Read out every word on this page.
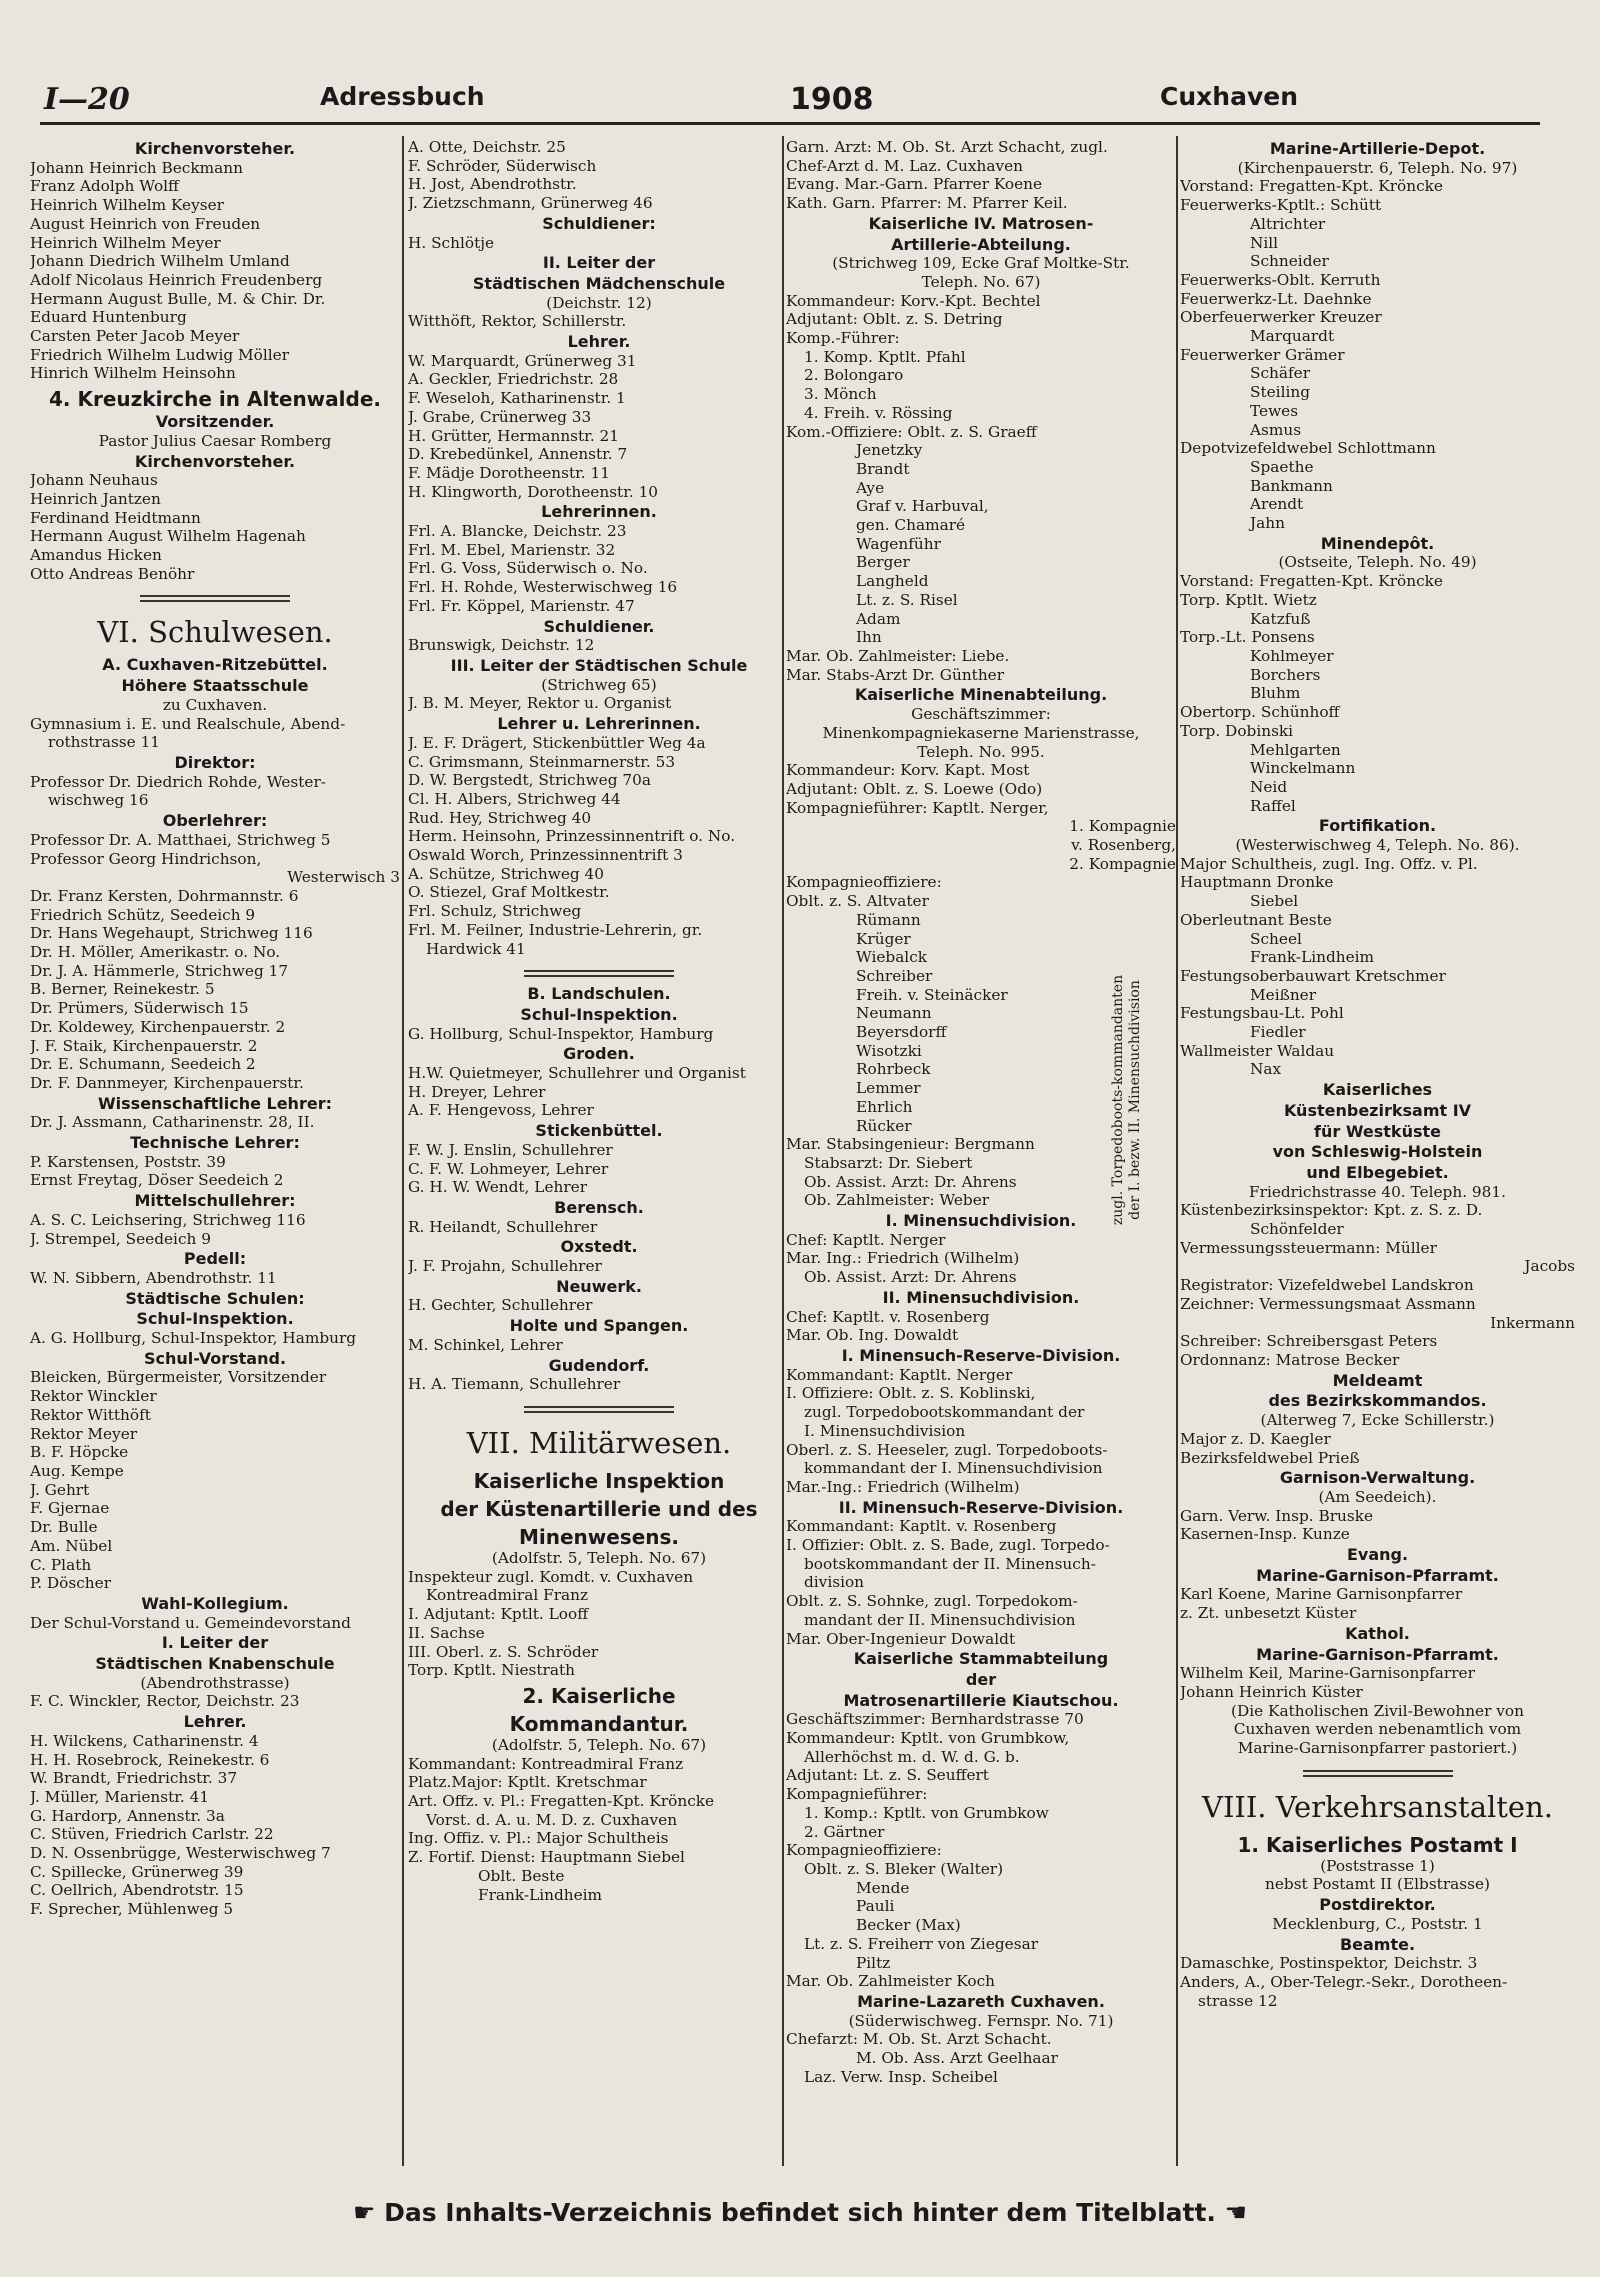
I—20	Adressbuch	1908	Cuxhaven
Kirchenvorsteher.
Johann Heinrich Beckmann
Franz Adolph Wolff
Heinrich Wilhelm Keyser
August Heinrich von Freuden
Heinrich Wilhelm Meyer
Johann Diedrich Wilhelm Umland
Adolf Nicolaus Heinrich Freudenberg
Hermann August Bulle, M. & Chir. Dr.
Eduard Huntenburg
Carsten Peter Jacob Meyer
Friedrich Wilhelm Ludwig Möller
Hinrich Wilhelm Heinsohn
4. Kreuzkirche in Altenwalde.
Vorsitzender.
Pastor Julius Caesar Romberg
Kirchenvorsteher.
Johann Neuhaus
Heinrich Jantzen
Ferdinand Heidtmann
Hermann August Wilhelm Hagenah
Amandus Hicken
Otto Andreas Benöhr
VI. Schulwesen.
A. Cuxhaven-Ritzebüttel.
Höhere Staatsschule
zu Cuxhaven.
Gymnasium i. E. und Realschule, Abend-
rothstrasse 11
Direktor:
Professor Dr. Diedrich Rohde, Wester-
wischweg 16
Oberlehrer:
Professor Dr. A. Matthaei, Strichweg 5
Professor Georg Hindrichson,
Westerwisch 3
Dr. Franz Kersten, Dohrmannstr. 6
Friedrich Schütz, Seedeich 9
Dr. Hans Wegehaupt, Strichweg 116
Dr. H. Möller, Amerikastr. o. No.
Dr. J. A. Hämmerle, Strichweg 17
B. Berner, Reinekestr. 5
Dr. Prümers, Süderwisch 15
Dr. Koldewey, Kirchenpauerstr. 2
J. F. Staik, Kirchenpauerstr. 2
Dr. E. Schumann, Seedeich 2
Dr. F. Dannmeyer, Kirchenpauerstr.
Wissenschaftliche Lehrer:
Dr. J. Assmann, Catharinenstr. 28, II.
Technische Lehrer:
P. Karstensen, Poststr. 39
Ernst Freytag, Döser Seedeich 2
Mittelschullehrer:
A. S. C. Leichsering, Strichweg 116
J. Strempel, Seedeich 9
Pedell:
W. N. Sibbern, Abendrothstr. 11
Städtische Schulen:
Schul-Inspektion.
A. G. Hollburg, Schul-Inspektor, Hamburg
Schul-Vorstand.
Bleicken, Bürgermeister, Vorsitzender
Rektor Winckler
Rektor Witthöft
Rektor Meyer
B. F. Höpcke
Aug. Kempe
J. Gehrt
F. Gjernae
Dr. Bulle
Am. Nübel
C. Plath
P. Döscher
Wahl-Kollegium.
Der Schul-Vorstand u. Gemeindevorstand
I. Leiter der
Städtischen Knabenschule
(Abendrothstrasse)
F. C. Winckler, Rector, Deichstr. 23
Lehrer.
H. Wilckens, Catharinenstr. 4
H. H. Rosebrock, Reinekestr. 6
W. Brandt, Friedrichstr. 37
J. Müller, Marienstr. 41
G. Hardorp, Annenstr. 3a
C. Stüven, Friedrich Carlstr. 22
D. N. Ossenbrügge, Westerwischweg 7
C. Spillecke, Grünerweg 39
C. Oellrich, Abendrotstr. 15
F. Sprecher, Mühlenweg 5
A. Otte, Deichstr. 25
F. Schröder, Süderwisch
H. Jost, Abendrothstr.
J. Zietzschmann, Grünerweg 46
Schuldiener:
H. Schlötje
II. Leiter der
Städtischen Mädchenschule
(Deichstr. 12)
Witthöft, Rektor, Schillerstr.
Lehrer.
W. Marquardt, Grünerweg 31
A. Geckler, Friedrichstr. 28
F. Weseloh, Katharinenstr. 1
J. Grabe, Crünerweg 33
H. Grütter, Hermannstr. 21
D. Krebedünkel, Annenstr. 7
F. Mädje Dorotheenstr. 11
H. Klingworth, Dorotheenstr. 10
Lehrerinnen.
Frl. A. Blancke, Deichstr. 23
Frl. M. Ebel, Marienstr. 32
Frl. G. Voss, Süderwisch o. No.
Frl. H. Rohde, Westerwischweg 16
Frl. Fr. Köppel, Marienstr. 47
Schuldiener.
Brunswigk, Deichstr. 12
III. Leiter der Städtischen Schule
(Strichweg 65)
J. B. M. Meyer, Rektor u. Organist
Lehrer u. Lehrerinnen.
J. E. F. Drägert, Stickenbüttler Weg 4a
C. Grimsmann, Steinmarnerstr. 53
D. W. Bergstedt, Strichweg 70a
Cl. H. Albers, Strichweg 44
Rud. Hey, Strichweg 40
Herm. Heinsohn, Prinzessinnentrift o. No.
Oswald Worch, Prinzessinnentrift 3
A. Schütze, Strichweg 40
O. Stiezel, Graf Moltkestr.
Frl. Schulz, Strichweg
Frl. M. Feilner, Industrie-Lehrerin, gr.
Hardwick 41
B. Landschulen.
Schul-Inspektion.
G. Hollburg, Schul-Inspektor, Hamburg
Groden.
H.W. Quietmeyer, Schullehrer und Organist
H. Dreyer, Lehrer
A. F. Hengevoss, Lehrer
Stickenbüttel.
F. W. J. Enslin, Schullehrer
C. F. W. Lohmeyer, Lehrer
G. H. W. Wendt, Lehrer
Berensch.
R. Heilandt, Schullehrer
Oxstedt.
J. F. Projahn, Schullehrer
Neuwerk.
H. Gechter, Schullehrer
Holte und Spangen.
M. Schinkel, Lehrer
Gudendorf.
H. A. Tiemann, Schullehrer
VII. Militärwesen.
Kaiserliche Inspektion
der Küstenartillerie und des
Minenwesens.
(Adolfstr. 5, Teleph. No. 67)
Inspekteur zugl. Komdt. v. Cuxhaven
Kontreadmiral Franz
I. Adjutant: Kptlt. Looff
II. Sachse
III. Oberl. z. S. Schröder
Torp. Kptlt. Niestrath
2. Kaiserliche
Kommandantur.
(Adolfstr. 5, Teleph. No. 67)
Kommandant: Kontreadmiral Franz
Platz.Major: Kptlt. Kretschmar
Art. Offz. v. Pl.: Fregatten-Kpt. Kröncke
Vorst. d. A. u. M. D. z. Cuxhaven
Ing. Offiz. v. Pl.: Major Schultheis
Z. Fortif. Dienst: Hauptmann Siebel
Oblt. Beste
Frank-Lindheim
Garn. Arzt: M. Ob. St. Arzt Schacht, zugl.
Chef-Arzt d. M. Laz. Cuxhaven
Evang. Mar.-Garn. Pfarrer Koene
Kath. Garn. Pfarrer: M. Pfarrer Keil.
Kaiserliche IV. Matrosen-
Artillerie-Abteilung.
(Strichweg 109, Ecke Graf Moltke-Str.
Teleph. No. 67)
Kommandeur: Korv.-Kpt. Bechtel
Adjutant: Oblt. z. S. Detring
Komp.-Führer:
1. Komp. Kptlt. Pfahl
2. Bolongaro
3. Mönch
4. Freih. v. Rössing
Kom.-Offiziere: Oblt. z. S. Graeff
Jenetzky
Brandt
Aye
Graf v. Harbuval,
gen. Chamaré
Wagenführ
Berger
Langheld
Lt. z. S. Risel
Adam
Ihn
Mar. Ob. Zahlmeister: Liebe.
Mar. Stabs-Arzt Dr. Günther
Kaiserliche Minenabteilung.
Geschäftszimmer:
Minenkompagniekaserne Marienstrasse,
Teleph. No. 995.
Kommandeur: Korv. Kapt. Most
Adjutant: Oblt. z. S. Loewe (Odo)
Kompagnieführer: Kaptlt. Nerger,
1. Kompagnie
v. Rosenberg,
2. Kompagnie
Kompagnieoffiziere:
Oblt. z. S. Altvater
Rümann
Krüger
Wiebalck
Schreiber
Freih. v. Steinäcker
Neumann
Beyersdorff
Wisotzki
Rohrbeck
Lemmer
Ehrlich
Rücker
Mar. Stabsingenieur: Bergmann
Stabsarzt: Dr. Siebert
Ob. Assist. Arzt: Dr. Ahrens
Ob. Zahlmeister: Weber
I. Minensuchdivision.
Chef: Kaptlt. Nerger
Mar. Ing.: Friedrich (Wilhelm)
Ob. Assist. Arzt: Dr. Ahrens
II. Minensuchdivision.
Chef: Kaptlt. v. Rosenberg
Mar. Ob. Ing. Dowaldt
I. Minensuch-Reserve-Division.
Kommandant: Kaptlt. Nerger
I. Offiziere: Oblt. z. S. Koblinski,
zugl. Torpedobootskommandant der
I. Minensuchdivision
Oberl. z. S. Heeseler, zugl. Torpedoboots-
kommandant der I. Minensuchdivision
Mar.-Ing.: Friedrich (Wilhelm)
II. Minensuch-Reserve-Division.
Kommandant: Kaptlt. v. Rosenberg
I. Offizier: Oblt. z. S. Bade, zugl. Torpedo-
bootskommandant der II. Minensuch-
division
Oblt. z. S. Sohnke, zugl. Torpedokom-
mandant der II. Minensuchdivision
Mar. Ober-Ingenieur Dowaldt
Kaiserliche Stammabteilung
der
Matrosenartillerie Kiautschou.
Geschäftszimmer: Bernhardstrasse 70
Kommandeur: Kptlt. von Grumbkow,
Allerhöchst m. d. W. d. G. b.
Adjutant: Lt. z. S. Seuffert
Kompagnieführer:
1. Komp.: Kptlt. von Grumbkow
2. Gärtner
Kompagnieoffiziere:
Oblt. z. S. Bleker (Walter)
Mende
Pauli
Becker (Max)
Lt. z. S. Freiherr von Ziegesar
Piltz
Mar. Ob. Zahlmeister Koch
Marine-Lazareth Cuxhaven.
(Süderwischweg. Fernspr. No. 71)
Chefarzt: M. Ob. St. Arzt Schacht.
M. Ob. Ass. Arzt Geelhaar
Laz. Verw. Insp. Scheibel
Marine-Artillerie-Depot.
(Kirchenpauerstr. 6, Teleph. No. 97)
Vorstand: Fregatten-Kpt. Kröncke
Feuerwerks-Kptlt.: Schütt
Altrichter
Nill
Schneider
Feuerwerks-Oblt. Kerruth
Feuerwerkz-Lt. Daehnke
Oberfeuerwerker Kreuzer
Marquardt
Feuerwerker Grämer
Schäfer
Steiling
Tewes
Asmus
Depotvizefeldwebel Schlottmann
Spaethe
Bankmann
Arendt
Jahn
Minendepôt.
(Ostseite, Teleph. No. 49)
Vorstand: Fregatten-Kpt. Kröncke
Torp. Kptlt. Wietz
Katzfuß
Torp.-Lt. Ponsens
Kohlmeyer
Borchers
Bluhm
Obertorp. Schünhoff
Torp. Dobinski
Mehlgarten
Winckelmann
Neid
Raffel
Fortifikation.
(Westerwischweg 4, Teleph. No. 86).
Major Schultheis, zugl. Ing. Offz. v. Pl.
Hauptmann Dronke
Siebel
Oberleutnant Beste
Scheel
Frank-Lindheim
Festungsoberbauwart Kretschmer
Meißner
Festungsbau-Lt. Pohl
Fiedler
Wallmeister Waldau
Nax
Kaiserliches
Küstenbezirksamt IV
für Westküste
von Schleswig-Holstein
und Elbegebiet.
Friedrichstrasse 40. Teleph. 981.
Küstenbezirksinspektor: Kpt. z. S. z. D.
Schönfelder
Vermessungssteuermann: Müller
Jacobs
Registrator: Vizefeldwebel Landskron
Zeichner: Vermessungsmaat Assmann
Inkermann
Schreiber: Schreibersgast Peters
Ordonnanz: Matrose Becker
Meldeamt
des Bezirkskommandos.
(Alterweg 7, Ecke Schillerstr.)
Major z. D. Kaegler
Bezirksfeldwebel Prieß
Garnison-Verwaltung.
(Am Seedeich).
Garn. Verw. Insp. Bruske
Kasernen-Insp. Kunze
Evang.
Marine-Garnison-Pfarramt.
Karl Koene, Marine Garnisonpfarrer
z. Zt. unbesetzt Küster
Kathol.
Marine-Garnison-Pfarramt.
Wilhelm Keil, Marine-Garnisonpfarrer
Johann Heinrich Küster
(Die Katholischen Zivil-Bewohner von
Cuxhaven werden nebenamtlich vom
Marine-Garnisonpfarrer pastoriert.)
VIII. Verkehrsanstalten.
1. Kaiserliches Postamt I
(Poststrasse 1)
nebst Postamt II (Elbstrasse)
Postdirektor.
Mecklenburg, C., Poststr. 1
Beamte.
Damaschke, Postinspektor, Deichstr. 3
Anders, A., Ober-Telegr.-Sekr., Dorotheen-
strasse 12
zugl. Torpedoboots-kommandanten der I. bezw. II. Minensuchdivision
☛ Das Inhalts-Verzeichnis befindet sich hinter dem Titelblatt. ☚
